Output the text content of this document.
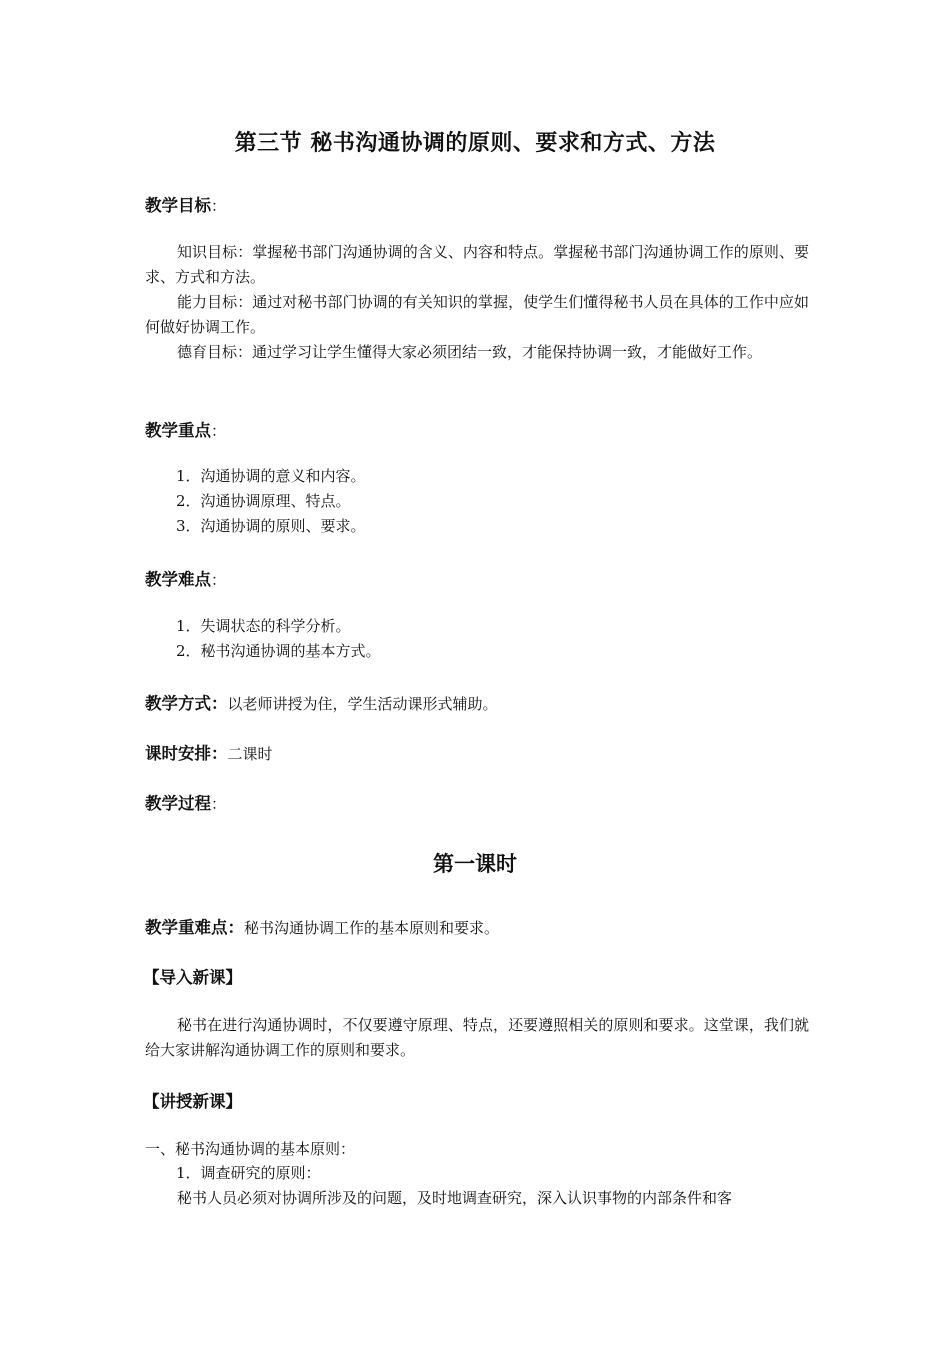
第三节 秘书沟通协调的原则、要求和方式、方法
教学目标：

知识目标：掌握秘书部门沟通协调的含义、内容和特点。掌握秘书部门沟通协调工作的原则、要求、方式和方法。

能力目标：通过对秘书部门协调的有关知识的掌握，使学生们懂得秘书人员在具体的工作中应如何做好协调工作。

德育目标：通过学习让学生懂得大家必须团结一致，才能保持协调一致，才能做好工作。

教学重点：
1．沟通协调的意义和内容。
2．沟通协调原理、特点。
3．沟通协调的原则、要求。
教学难点：
1．失调状态的科学分析。
2．秘书沟通协调的基本方式。
教学方式：以老师讲授为住，学生活动课形式辅助。
课时安排：二课时
教学过程：
第一课时
教学重难点：秘书沟通协调工作的基本原则和要求。
【导入新课】

秘书在进行沟通协调时，不仅要遵守原理、特点，还要遵照相关的原则和要求。这堂课，我们就给大家讲解沟通协调工作的原则和要求。

【讲授新课】
一、秘书沟通协调的基本原则：
1．调查研究的原则：
秘书人员必须对协调所涉及的问题，及时地调查研究，深入认识事物的内部条件和客
